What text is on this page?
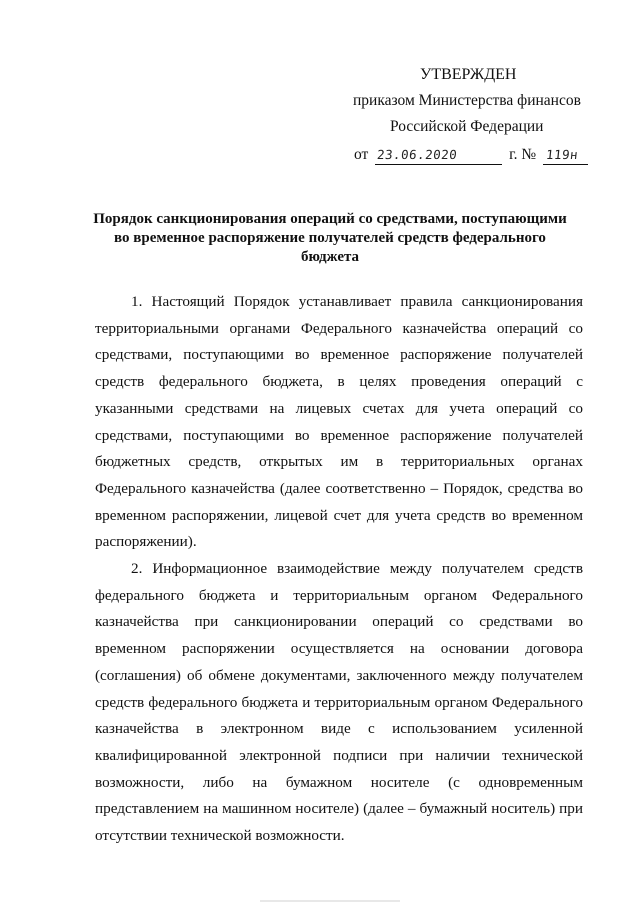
УТВЕРЖДЕН
приказом Министерства финансов
Российской Федерации
от 23.06.2020	г. № 119н
Порядок санкционирования операций со средствами, поступающими
во временное распоряжение получателей средств федерального
бюджета

1. Настоящий Порядок устанавливает правила санкционирования территориальными органами Федерального казначейства операций со средствами, поступающими во временное распоряжение получателей средств федерального бюджета, в целях проведения операций с указанными средствами на лицевых счетах для учета операций со средствами, поступающими во временное распоряжение получателей бюджетных средств, открытых им в территориальных органах Федерального казначейства (далее соответственно – Порядок, средства во временном распоряжении, лицевой счет для учета средств во временном распоряжении).

2. Информационное взаимодействие между получателем средств федерального бюджета и территориальным органом Федерального казначейства при санкционировании операций со средствами во временном распоряжении осуществляется на основании договора (соглашения) об обмене документами, заключенного между получателем средств федерального бюджета и территориальным органом Федерального казначейства в электронном виде с использованием усиленной квалифицированной электронной подписи при наличии технической возможности, либо на бумажном носителе (с одновременным представлением на машинном носителе) (далее – бумажный носитель) при отсутствии технической возможности.
